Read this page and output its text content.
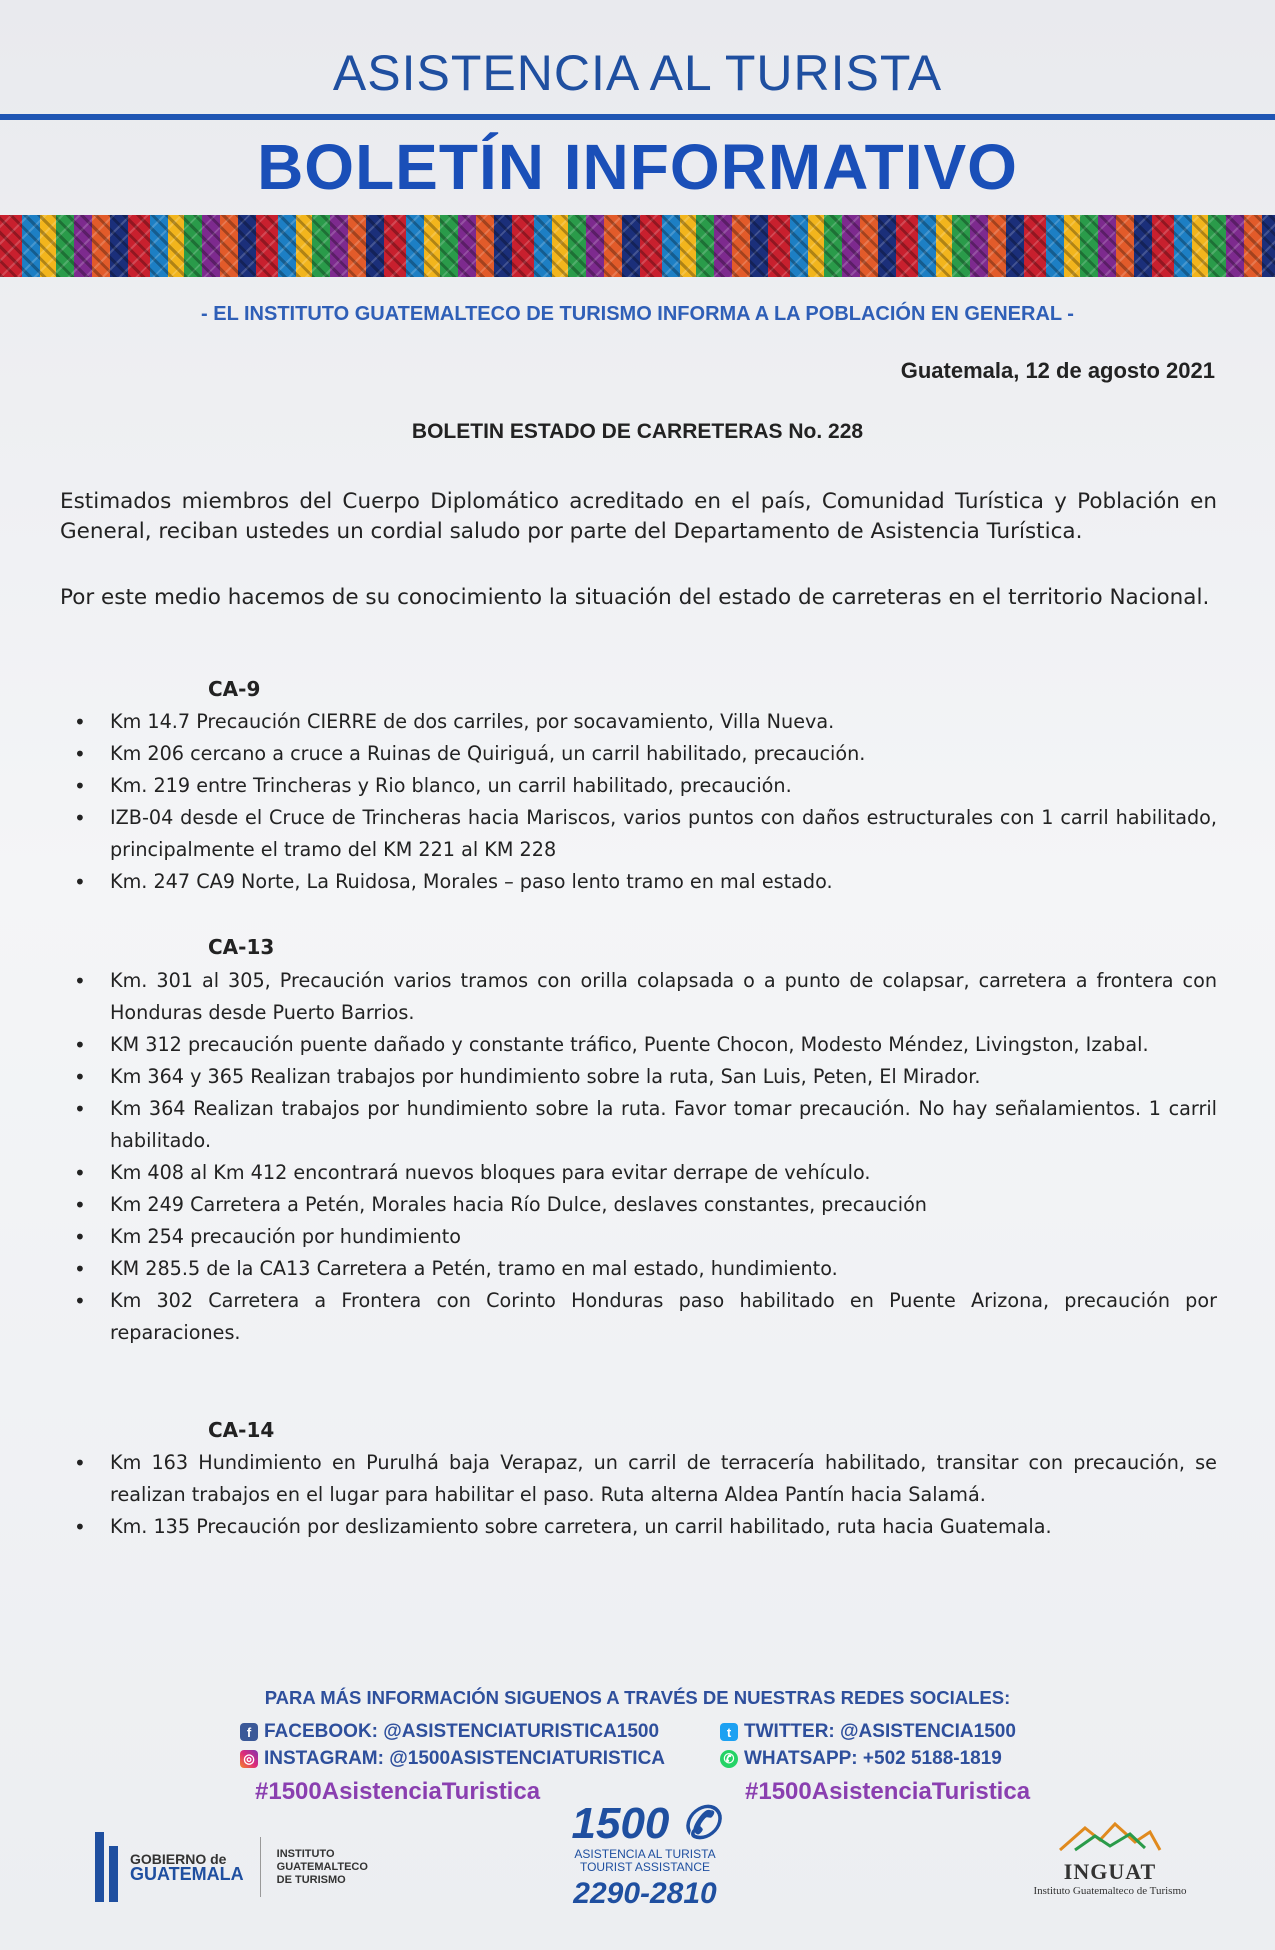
ASISTENCIA AL TURISTA
BOLETÍN INFORMATIVO
- EL INSTITUTO GUATEMALTECO DE TURISMO INFORMA A LA POBLACIÓN EN GENERAL -
Guatemala, 12 de agosto 2021
BOLETIN ESTADO DE CARRETERAS No. 228
Estimados miembros del Cuerpo Diplomático acreditado en el país, Comunidad Turística y Población en General, reciban ustedes un cordial saludo por parte del Departamento de Asistencia Turística.
Por este medio hacemos de su conocimiento la situación del estado de carreteras en el territorio Nacional.
CA-9
• Km 14.7 Precaución CIERRE de dos carriles, por socavamiento, Villa Nueva.
• Km 206 cercano a cruce a Ruinas de Quiriguá, un carril habilitado, precaución.
• Km. 219 entre Trincheras y Rio blanco, un carril habilitado, precaución.
• IZB-04 desde el Cruce de Trincheras hacia Mariscos, varios puntos con daños estructurales con 1 carril habilitado, principalmente el tramo del KM 221 al KM 228
• Km. 247 CA9 Norte, La Ruidosa, Morales – paso lento tramo en mal estado.
CA-13
• Km. 301 al 305, Precaución varios tramos con orilla colapsada o a punto de colapsar, carretera a frontera con Honduras desde Puerto Barrios.
• KM 312 precaución puente dañado y constante tráfico, Puente Chocon, Modesto Méndez, Livingston, Izabal.
• Km 364 y 365 Realizan trabajos por hundimiento sobre la ruta, San Luis, Peten, El Mirador.
• Km 364 Realizan trabajos por hundimiento sobre la ruta. Favor tomar precaución. No hay señalamientos. 1 carril habilitado.
• Km 408 al Km 412 encontrará nuevos bloques para evitar derrape de vehículo.
• Km 249 Carretera a Petén, Morales hacia Río Dulce, deslaves constantes, precaución
• Km 254 precaución por hundimiento
• KM 285.5 de la CA13 Carretera a Petén, tramo en mal estado, hundimiento.
• Km 302 Carretera a Frontera con Corinto Honduras paso habilitado en Puente Arizona, precaución por reparaciones.
CA-14
• Km 163 Hundimiento en Purulhá baja Verapaz, un carril de terracería habilitado, transitar con precaución, se realizan trabajos en el lugar para habilitar el paso. Ruta alterna Aldea Pantín hacia Salamá.
• Km. 135 Precaución por deslizamiento sobre carretera, un carril habilitado, ruta hacia Guatemala.
PARA MÁS INFORMACIÓN SIGUENOS A TRAVÉS DE NUESTRAS REDES SOCIALES:
f FACEBOOK: @ASISTENCIATURISTICA1500
◎ INSTAGRAM: @1500ASISTENCIATURISTICA
t TWITTER: @ASISTENCIA1500
✆ WHATSAPP: +502 5188-1819
#1500AsistenciaTuristica	#1500AsistenciaTuristica
GOBIERNO de
GUATEMALA
INSTITUTO
GUATEMALTECO
DE TURISMO
1500 ✆
ASISTENCIA AL TURISTA
TOURIST ASSISTANCE
2290-2810
INGUAT
Instituto Guatemalteco de Turismo
